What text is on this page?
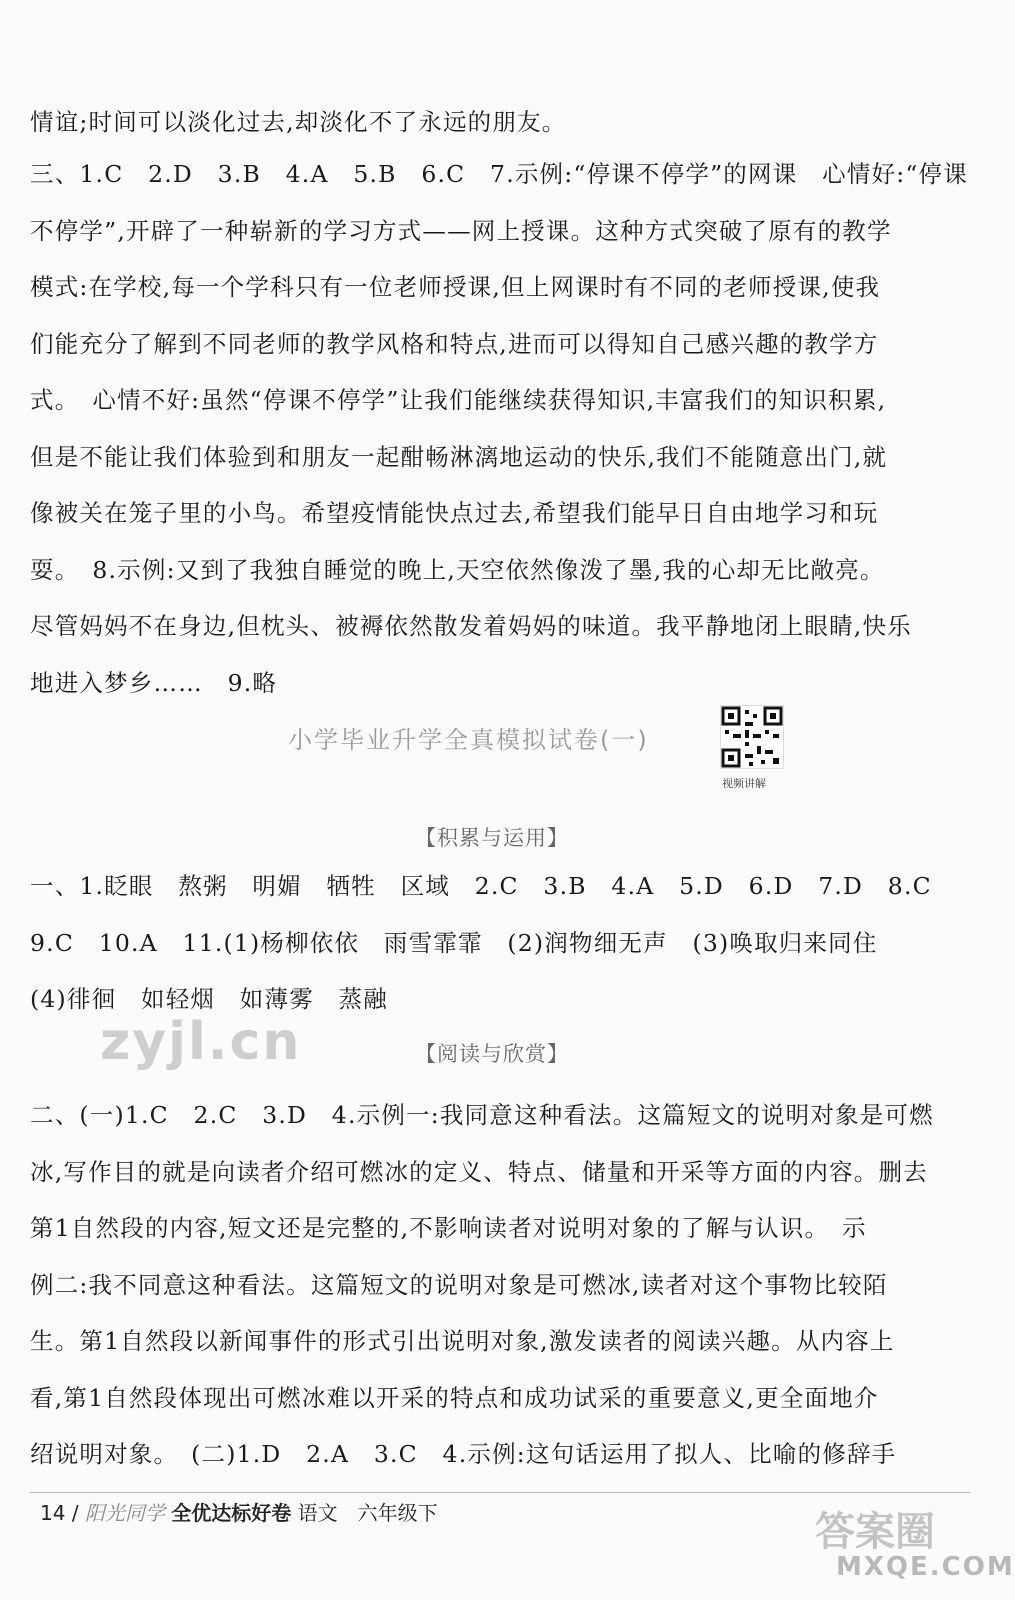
情谊;时间可以淡化过去,却淡化不了永远的朋友。

三、1.C　2.D　3.B　4.A　5.B　6.C　7.示例:“停课不停学”的网课　心情好:“停课

不停学”,开辟了一种崭新的学习方式——网上授课。这种方式突破了原有的教学

模式:在学校,每一个学科只有一位老师授课,但上网课时有不同的老师授课,使我

们能充分了解到不同老师的教学风格和特点,进而可以得知自己感兴趣的教学方

式。　心情不好:虽然“停课不停学”让我们能继续获得知识,丰富我们的知识积累,

但是不能让我们体验到和朋友一起酣畅淋漓地运动的快乐,我们不能随意出门,就

像被关在笼子里的小鸟。希望疫情能快点过去,希望我们能早日自由地学习和玩

耍。　8.示例:又到了我独自睡觉的晚上,天空依然像泼了墨,我的心却无比敞亮。

尽管妈妈不在身边,但枕头、被褥依然散发着妈妈的味道。我平静地闭上眼睛,快乐

地进入梦乡……　9.略

小学毕业升学全真模拟试卷(一)
视频讲解
【积累与运用】

一、1.眨眼　熬粥　明媚　牺牲　区域　2.C　3.B　4.A　5.D　6.D　7.D　8.C

9.C　10.A　11.(1)杨柳依依　雨雪霏霏　(2)润物细无声　(3)唤取归来同住

(4)徘徊　如轻烟　如薄雾　蒸融

zyjl.cn	【阅读与欣赏】

二、(一)1.C　2.C　3.D　4.示例一:我同意这种看法。这篇短文的说明对象是可燃

冰,写作目的就是向读者介绍可燃冰的定义、特点、储量和开采等方面的内容。删去

第1自然段的内容,短文还是完整的,不影响读者对说明对象的了解与认识。　示

例二:我不同意这种看法。这篇短文的说明对象是可燃冰,读者对这个事物比较陌

生。第1自然段以新闻事件的形式引出说明对象,激发读者的阅读兴趣。从内容上

看,第1自然段体现出可燃冰难以开采的特点和成功试采的重要意义,更全面地介

绍说明对象。　(二)1.D　2.A　3.C　4.示例:这句话运用了拟人、比喻的修辞手

14 / 阳光同学 全优达标好卷 语文　六年级下	答案圈
MXQE.COM
